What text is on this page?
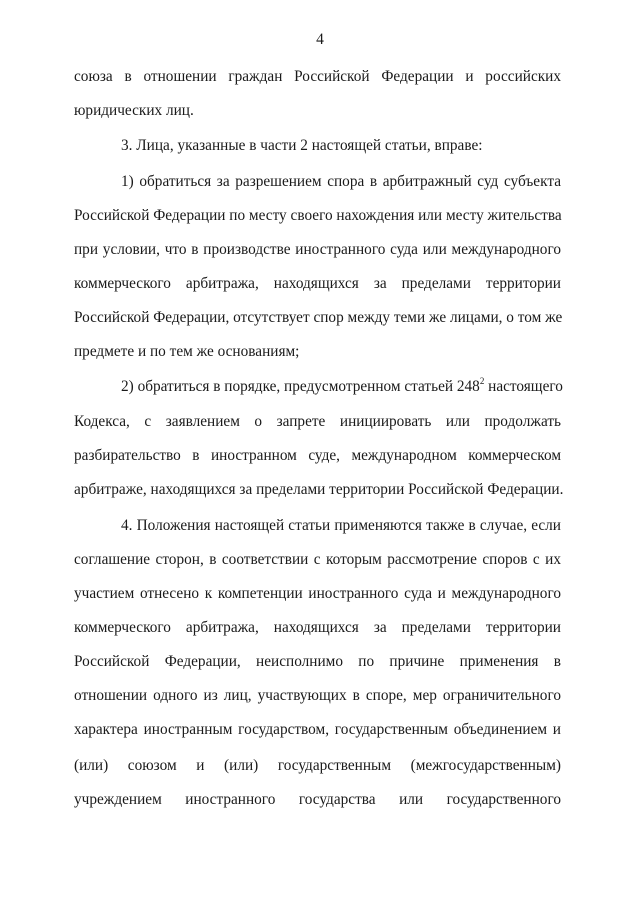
4
союза в отношении граждан Российской Федерации и российских
юридических лиц.
3. Лица, указанные в части 2 настоящей статьи, вправе:
1) обратиться за разрешением спора в арбитражный суд субъекта
Российской Федерации по месту своего нахождения или месту жительства
при условии, что в производстве иностранного суда или международного
коммерческого арбитража, находящихся за пределами территории
Российской Федерации, отсутствует спор между теми же лицами, о том же
предмете и по тем же основаниям;
2) обратиться в порядке, предусмотренном статьей $248^2$ настоящего
Кодекса, с заявлением о запрете инициировать или продолжать
разбирательство в иностранном суде, международном коммерческом
арбитраже, находящихся за пределами территории Российской Федерации.
4. Положения настоящей статьи применяются также в случае, если
соглашение сторон, в соответствии с которым рассмотрение споров с их
участием отнесено к компетенции иностранного суда и международного
коммерческого арбитража, находящихся за пределами территории
Российской Федерации, неисполнимо по причине применения в
отношении одного из лиц, участвующих в споре, мер ограничительного
характера иностранным государством, государственным объединением и
(или) союзом и (или) государственным (межгосударственным)
учреждением иностранного государства или государственного
